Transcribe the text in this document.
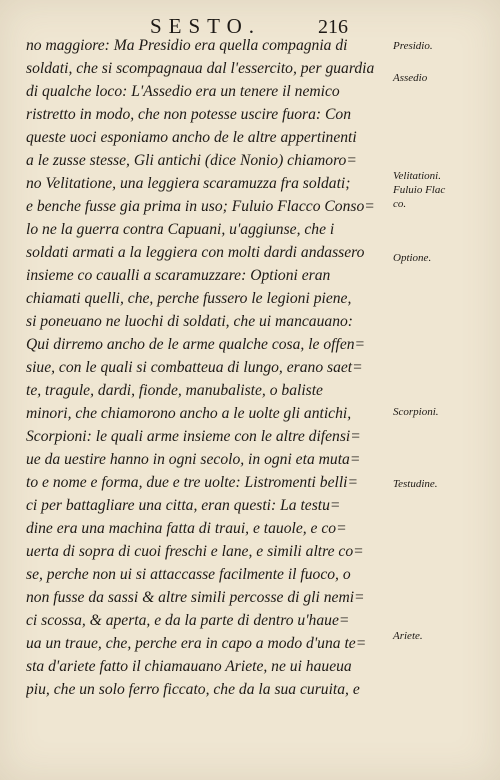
SESTO.	216
no maggiore: Ma Presidio era quella compagnia di
soldati, che si scompagnaua dal l'essercito, per guardia
di qualche loco: L'Assedio era un tenere il nemico
ristretto in modo, che non potesse uscire fuora: Con
queste uoci esponiamo ancho de le altre appertinenti
a le zusse stesse, Gli antichi (dice Nonio) chiamoro=
no Velitatione, una leggiera scaramuzza fra soldati;
e benche fusse gia prima in uso; Fuluio Flacco Conso=
lo ne la guerra contra Capuani, u'aggiunse, che i
soldati armati a la leggiera con molti dardi andassero
insieme co caualli a scaramuzzare: Optioni eran
chiamati quelli, che, perche fussero le legioni piene,
si poneuano ne luochi di soldati, che ui mancauano:
Qui dirremo ancho de le arme qualche cosa, le offen=
siue, con le quali si combatteua di lungo, erano saet=
te, tragule, dardi, fionde, manubaliste, o baliste
minori, che chiamorono ancho a le uolte gli antichi,
Scorpioni: le quali arme insieme con le altre difensi=
ue da uestire hanno in ogni secolo, in ogni eta muta=
to e nome e forma, due e tre uolte: Listromenti belli=
ci per battagliare una citta, eran questi: La testu=
dine era una machina fatta di traui, e tauole, e co=
uerta di sopra di cuoi freschi e lane, e simili altre co=
se, perche non ui si attaccasse facilmente il fuoco, o
non fusse da sassi & altre simili percosse di gli nemi=
ci scossa, & aperta, e da la parte di dentro u'haue=
ua un traue, che, perche era in capo a modo d'una te=
sta d'ariete fatto il chiamauano Ariete, ne ui haueua
piu, che un solo ferro ficcato, che da la sua curuita, e
Presidio.
Assedio
Velitationi.
Fuluio Flac
co.
Optione.
Scorpioni.
Testudine.
Ariete.
